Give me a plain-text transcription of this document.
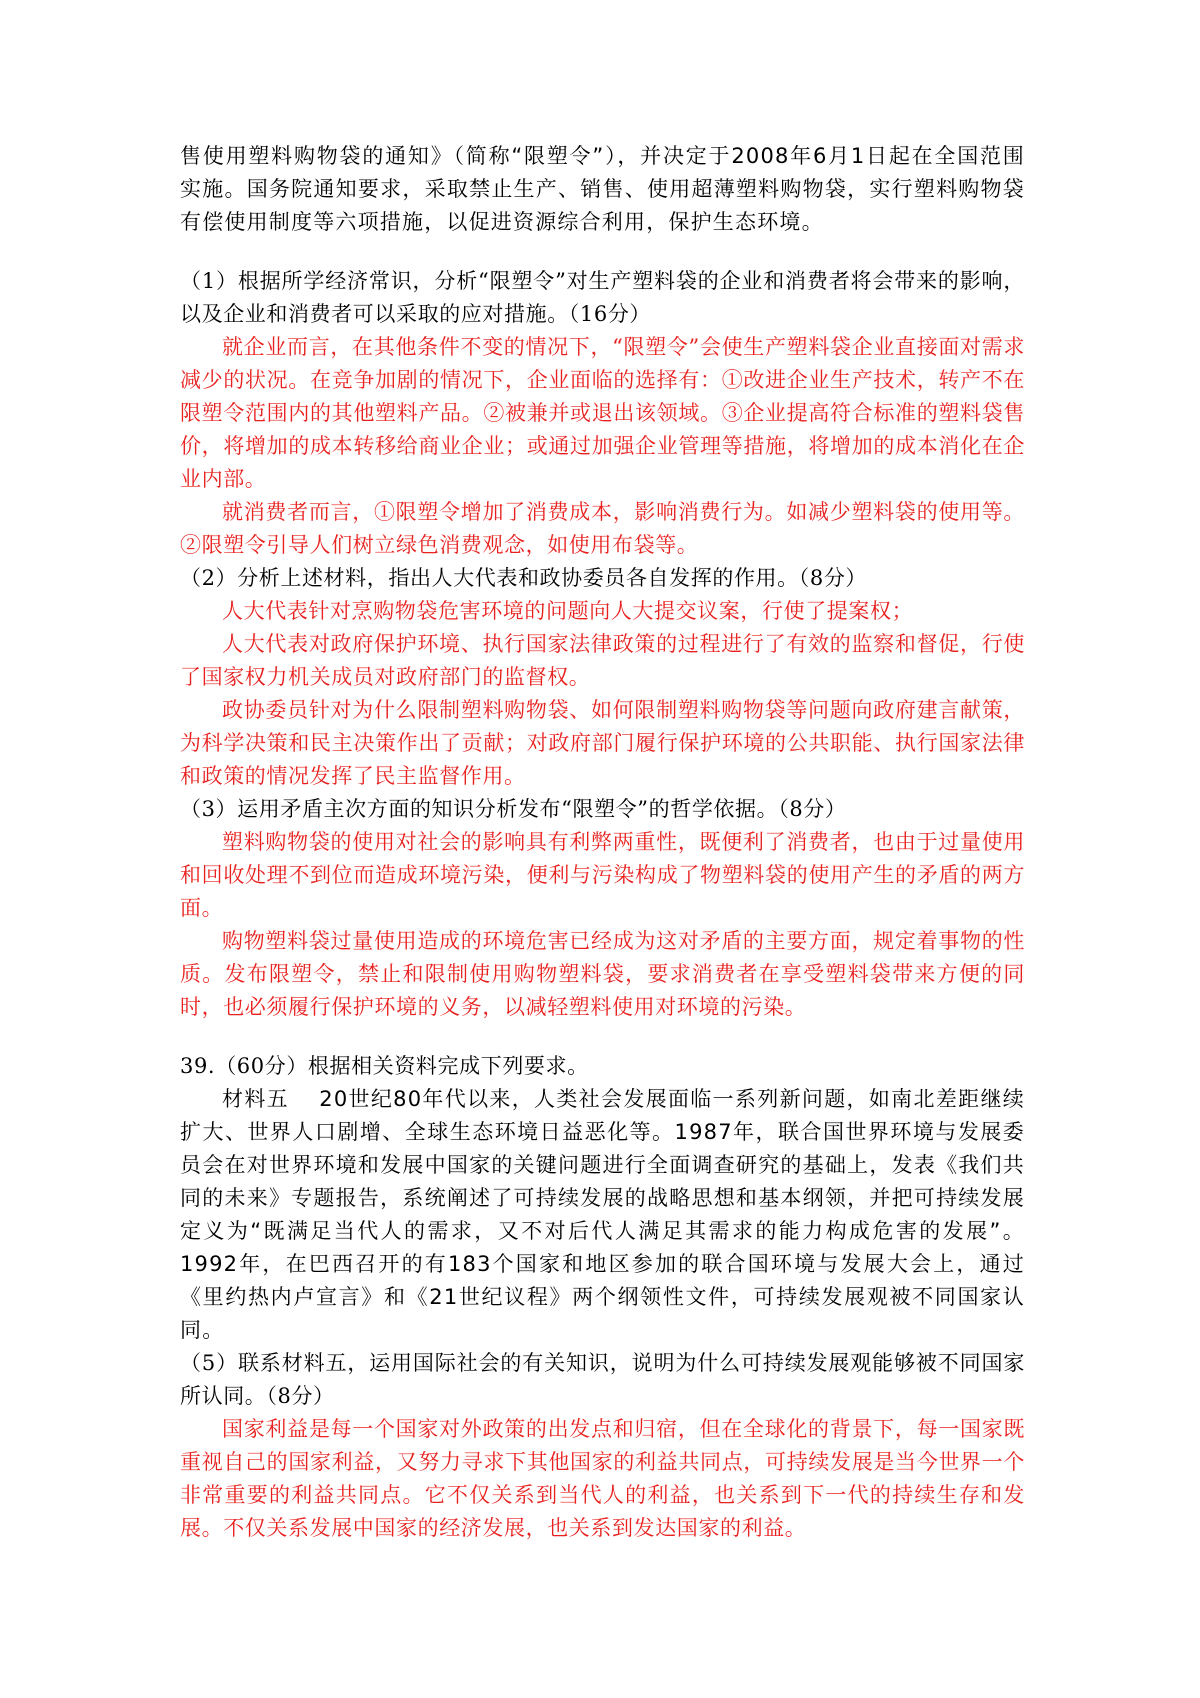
售使用塑料购物袋的通知》（简称“限塑令”），并决定于2008年6月1日起在全国范围实施。国务院通知要求，采取禁止生产、销售、使用超薄塑料购物袋，实行塑料购物袋有偿使用制度等六项措施，以促进资源综合利用，保护生态环境。

（1）根据所学经济常识，分析“限塑令”对生产塑料袋的企业和消费者将会带来的影响，以及企业和消费者可以采取的应对措施。（16分）

就企业而言，在其他条件不变的情况下，“限塑令”会使生产塑料袋企业直接面对需求减少的状况。在竞争加剧的情况下，企业面临的选择有：①改进企业生产技术，转产不在限塑令范围内的其他塑料产品。②被兼并或退出该领域。③企业提高符合标准的塑料袋售价，将增加的成本转移给商业企业；或通过加强企业管理等措施，将增加的成本消化在企业内部。

就消费者而言，①限塑令增加了消费成本，影响消费行为。如减少塑料袋的使用等。②限塑令引导人们树立绿色消费观念，如使用布袋等。

（2）分析上述材料，指出人大代表和政协委员各自发挥的作用。（8分）

人大代表针对烹购物袋危害环境的问题向人大提交议案，行使了提案权；

人大代表对政府保护环境、执行国家法律政策的过程进行了有效的监察和督促，行使了国家权力机关成员对政府部门的监督权。

政协委员针对为什么限制塑料购物袋、如何限制塑料购物袋等问题向政府建言献策，为科学决策和民主决策作出了贡献；对政府部门履行保护环境的公共职能、执行国家法律和政策的情况发挥了民主监督作用。

（3）运用矛盾主次方面的知识分析发布“限塑令”的哲学依据。（8分）

塑料购物袋的使用对社会的影响具有利弊两重性，既便利了消费者，也由于过量使用和回收处理不到位而造成环境污染，便利与污染构成了物塑料袋的使用产生的矛盾的两方面。

购物塑料袋过量使用造成的环境危害已经成为这对矛盾的主要方面，规定着事物的性质。发布限塑令，禁止和限制使用购物塑料袋，要求消费者在享受塑料袋带来方便的同时，也必须履行保护环境的义务，以减轻塑料使用对环境的污染。

39.（60分）根据相关资料完成下列要求。

材料五　 20世纪80年代以来，人类社会发展面临一系列新问题，如南北差距继续扩大、世界人口剧增、全球生态环境日益恶化等。1987年，联合国世界环境与发展委员会在对世界环境和发展中国家的关键问题进行全面调查研究的基础上，发表《我们共同的未来》专题报告，系统阐述了可持续发展的战略思想和基本纲领，并把可持续发展定义为“既满足当代人的需求，又不对后代人满足其需求的能力构成危害的发展”。1992年，在巴西召开的有183个国家和地区参加的联合国环境与发展大会上，通过《里约热内卢宣言》和《21世纪议程》两个纲领性文件，可持续发展观被不同国家认同。

（5）联系材料五，运用国际社会的有关知识，说明为什么可持续发展观能够被不同国家所认同。（8分）

国家利益是每一个国家对外政策的出发点和归宿，但在全球化的背景下，每一国家既重视自己的国家利益，又努力寻求下其他国家的利益共同点，可持续发展是当今世界一个非常重要的利益共同点。它不仅关系到当代人的利益，也关系到下一代的持续生存和发展。不仅关系发展中国家的经济发展，也关系到发达国家的利益。
